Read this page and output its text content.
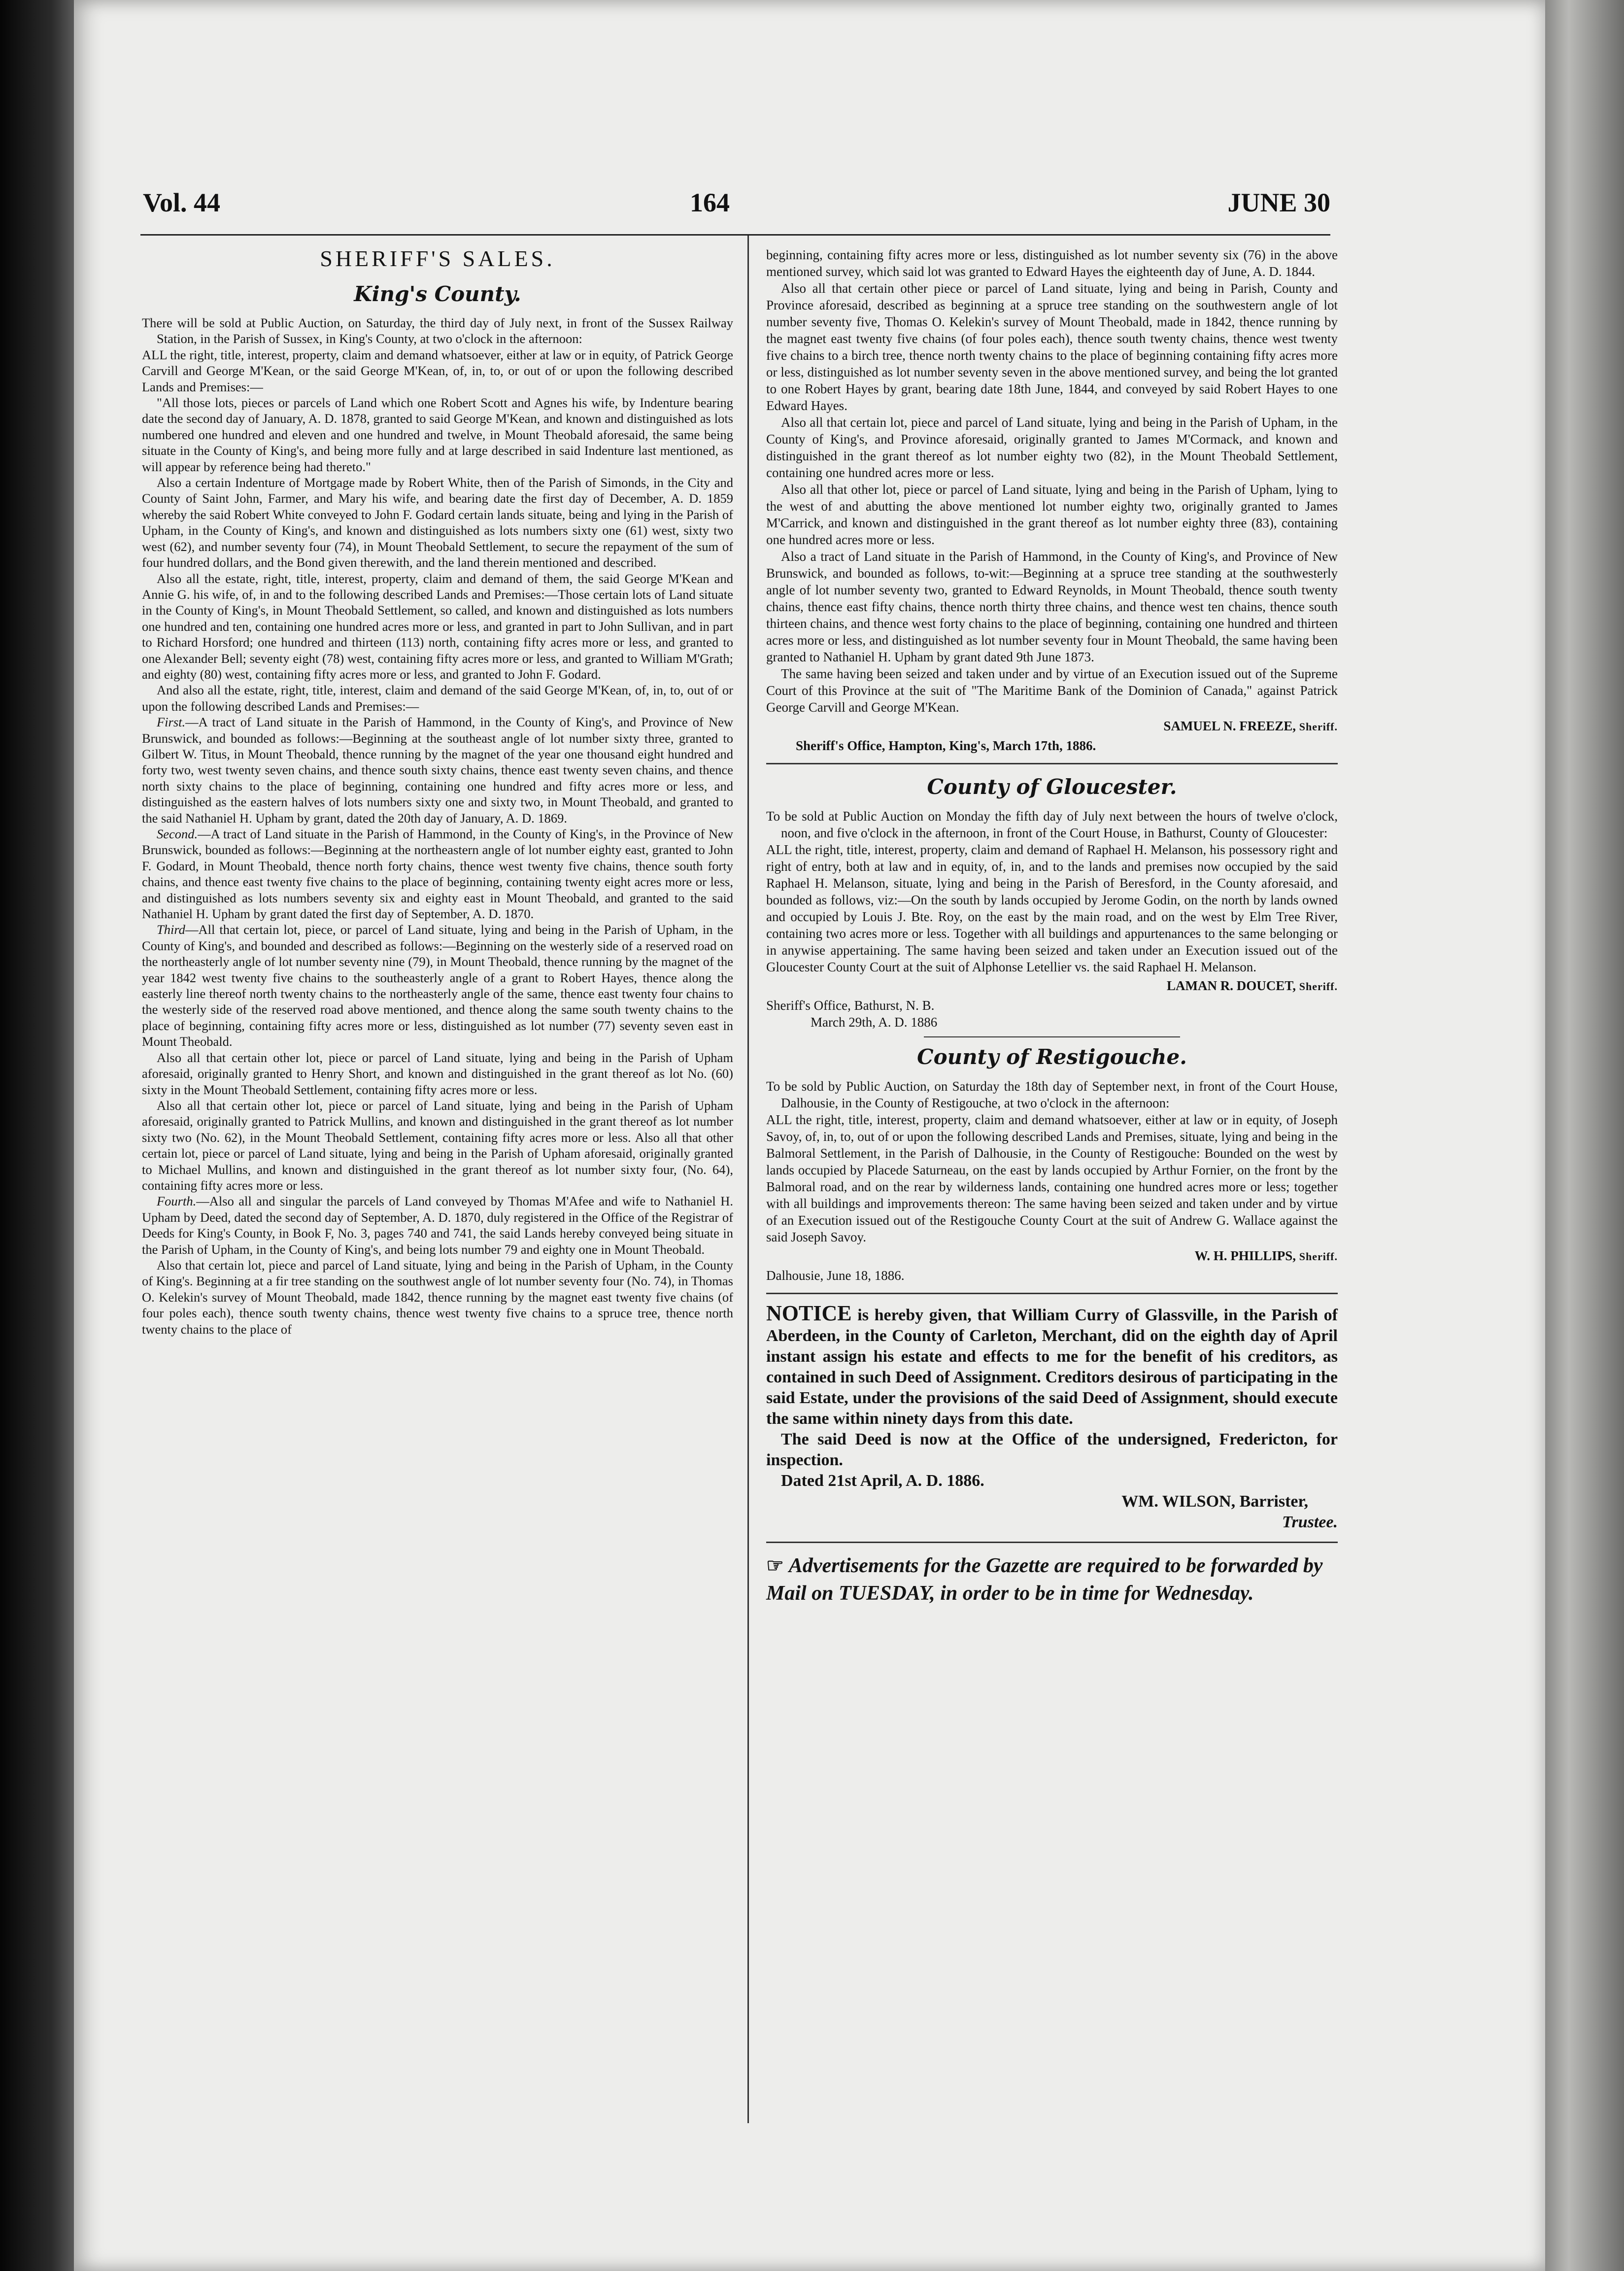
Vol. 44	164	JUNE 30
SHERIFF'S SALES.
King's County.

There will be sold at Public Auction, on Saturday, the third day of July next, in front of the Sussex Railway Station, in the Parish of Sussex, in King's County, at two o'clock in the afternoon:

ALL the right, title, interest, property, claim and demand whatsoever, either at law or in equity, of Patrick George Carvill and George M'Kean, or the said George M'Kean, of, in, to, or out of or upon the following described Lands and Premises:—

"All those lots, pieces or parcels of Land which one Robert Scott and Agnes his wife, by Indenture bearing date the second day of January, A. D. 1878, granted to said George M'Kean, and known and distinguished as lots numbered one hundred and eleven and one hundred and twelve, in Mount Theobald aforesaid, the same being situate in the County of King's, and being more fully and at large described in said Indenture last mentioned, as will appear by reference being had thereto."

Also a certain Indenture of Mortgage made by Robert White, then of the Parish of Simonds, in the City and County of Saint John, Farmer, and Mary his wife, and bearing date the first day of December, A. D. 1859 whereby the said Robert White conveyed to John F. Godard certain lands situate, being and lying in the Parish of Upham, in the County of King's, and known and distinguished as lots numbers sixty one (61) west, sixty two west (62), and number seventy four (74), in Mount Theobald Settlement, to secure the repayment of the sum of four hundred dollars, and the Bond given therewith, and the land therein mentioned and described.

Also all the estate, right, title, interest, property, claim and demand of them, the said George M'Kean and Annie G. his wife, of, in and to the following described Lands and Premises:—Those certain lots of Land situate in the County of King's, in Mount Theobald Settlement, so called, and known and distinguished as lots numbers one hundred and ten, containing one hundred acres more or less, and granted in part to John Sullivan, and in part to Richard Horsford; one hundred and thirteen (113) north, containing fifty acres more or less, and granted to one Alexander Bell; seventy eight (78) west, containing fifty acres more or less, and granted to William M'Grath; and eighty (80) west, containing fifty acres more or less, and granted to John F. Godard.

And also all the estate, right, title, interest, claim and demand of the said George M'Kean, of, in, to, out of or upon the following described Lands and Premises:—

First.—A tract of Land situate in the Parish of Hammond, in the County of King's, and Province of New Brunswick, and bounded as follows:—Beginning at the southeast angle of lot number sixty three, granted to Gilbert W. Titus, in Mount Theobald, thence running by the magnet of the year one thousand eight hundred and forty two, west twenty seven chains, and thence south sixty chains, thence east twenty seven chains, and thence north sixty chains to the place of beginning, containing one hundred and fifty acres more or less, and distinguished as the eastern halves of lots numbers sixty one and sixty two, in Mount Theobald, and granted to the said Nathaniel H. Upham by grant, dated the 20th day of January, A. D. 1869.

Second.—A tract of Land situate in the Parish of Hammond, in the County of King's, in the Province of New Brunswick, bounded as follows:—Beginning at the northeastern angle of lot number eighty east, granted to John F. Godard, in Mount Theobald, thence north forty chains, thence west twenty five chains, thence south forty chains, and thence east twenty five chains to the place of beginning, containing twenty eight acres more or less, and distinguished as lots numbers seventy six and eighty east in Mount Theobald, and granted to the said Nathaniel H. Upham by grant dated the first day of September, A. D. 1870.

Third—All that certain lot, piece, or parcel of Land situate, lying and being in the Parish of Upham, in the County of King's, and bounded and described as follows:—Beginning on the westerly side of a reserved road on the northeasterly angle of lot number seventy nine (79), in Mount Theobald, thence running by the magnet of the year 1842 west twenty five chains to the southeasterly angle of a grant to Robert Hayes, thence along the easterly line thereof north twenty chains to the northeasterly angle of the same, thence east twenty four chains to the westerly side of the reserved road above mentioned, and thence along the same south twenty chains to the place of beginning, containing fifty acres more or less, distinguished as lot number (77) seventy seven east in Mount Theobald.

Also all that certain other lot, piece or parcel of Land situate, lying and being in the Parish of Upham aforesaid, originally granted to Henry Short, and known and distinguished in the grant thereof as lot No. (60) sixty in the Mount Theobald Settlement, containing fifty acres more or less.

Also all that certain other lot, piece or parcel of Land situate, lying and being in the Parish of Upham aforesaid, originally granted to Patrick Mullins, and known and distinguished in the grant thereof as lot number sixty two (No. 62), in the Mount Theobald Settlement, containing fifty acres more or less. Also all that other certain lot, piece or parcel of Land situate, lying and being in the Parish of Upham aforesaid, originally granted to Michael Mullins, and known and distinguished in the grant thereof as lot number sixty four, (No. 64), containing fifty acres more or less.

Fourth.—Also all and singular the parcels of Land conveyed by Thomas M'Afee and wife to Nathaniel H. Upham by Deed, dated the second day of September, A. D. 1870, duly registered in the Office of the Registrar of Deeds for King's County, in Book F, No. 3, pages 740 and 741, the said Lands hereby conveyed being situate in the Parish of Upham, in the County of King's, and being lots number 79 and eighty one in Mount Theobald.

Also that certain lot, piece and parcel of Land situate, lying and being in the Parish of Upham, in the County of King's. Beginning at a fir tree standing on the southwest angle of lot number seventy four (No. 74), in Thomas O. Kelekin's survey of Mount Theobald, made 1842, thence running by the magnet east twenty five chains (of four poles each), thence south twenty chains, thence west twenty five chains to a spruce tree, thence north twenty chains to the place of

beginning, containing fifty acres more or less, distinguished as lot number seventy six (76) in the above mentioned survey, which said lot was granted to Edward Hayes the eighteenth day of June, A. D. 1844.

Also all that certain other piece or parcel of Land situate, lying and being in Parish, County and Province aforesaid, described as beginning at a spruce tree standing on the southwestern angle of lot number seventy five, Thomas O. Kelekin's survey of Mount Theobald, made in 1842, thence running by the magnet east twenty five chains (of four poles each), thence south twenty chains, thence west twenty five chains to a birch tree, thence north twenty chains to the place of beginning containing fifty acres more or less, distinguished as lot number seventy seven in the above mentioned survey, and being the lot granted to one Robert Hayes by grant, bearing date 18th June, 1844, and conveyed by said Robert Hayes to one Edward Hayes.

Also all that certain lot, piece and parcel of Land situate, lying and being in the Parish of Upham, in the County of King's, and Province aforesaid, originally granted to James M'Cormack, and known and distinguished in the grant thereof as lot number eighty two (82), in the Mount Theobald Settlement, containing one hundred acres more or less.

Also all that other lot, piece or parcel of Land situate, lying and being in the Parish of Upham, lying to the west of and abutting the above mentioned lot number eighty two, originally granted to James M'Carrick, and known and distinguished in the grant thereof as lot number eighty three (83), containing one hundred acres more or less.

Also a tract of Land situate in the Parish of Hammond, in the County of King's, and Province of New Brunswick, and bounded as follows, to-wit:—Beginning at a spruce tree standing at the southwesterly angle of lot number seventy two, granted to Edward Reynolds, in Mount Theobald, thence south twenty chains, thence east fifty chains, thence north thirty three chains, and thence west ten chains, thence south thirteen chains, and thence west forty chains to the place of beginning, containing one hundred and thirteen acres more or less, and distinguished as lot number seventy four in Mount Theobald, the same having been granted to Nathaniel H. Upham by grant dated 9th June 1873.

The same having been seized and taken under and by virtue of an Execution issued out of the Supreme Court of this Province at the suit of "The Maritime Bank of the Dominion of Canada," against Patrick George Carvill and George M'Kean.

SAMUEL N. FREEZE, Sheriff.

Sheriff's Office, Hampton, King's, March 17th, 1886.

County of Gloucester.

To be sold at Public Auction on Monday the fifth day of July next between the hours of twelve o'clock, noon, and five o'clock in the afternoon, in front of the Court House, in Bathurst, County of Gloucester:

ALL the right, title, interest, property, claim and demand of Raphael H. Melanson, his possessory right and right of entry, both at law and in equity, of, in, and to the lands and premises now occupied by the said Raphael H. Melanson, situate, lying and being in the Parish of Beresford, in the County aforesaid, and bounded as follows, viz:—On the south by lands occupied by Jerome Godin, on the north by lands owned and occupied by Louis J. Bte. Roy, on the east by the main road, and on the west by Elm Tree River, containing two acres more or less. Together with all buildings and appurtenances to the same belonging or in anywise appertaining. The same having been seized and taken under an Execution issued out of the Gloucester County Court at the suit of Alphonse Letellier vs. the said Raphael H. Melanson.

LAMAN R. DOUCET, Sheriff.

Sheriff's Office, Bathurst, N. B.

March 29th, A. D. 1886

County of Restigouche.

To be sold by Public Auction, on Saturday the 18th day of September next, in front of the Court House, Dalhousie, in the County of Restigouche, at two o'clock in the afternoon:

ALL the right, title, interest, property, claim and demand whatsoever, either at law or in equity, of Joseph Savoy, of, in, to, out of or upon the following described Lands and Premises, situate, lying and being in the Balmoral Settlement, in the Parish of Dalhousie, in the County of Restigouche: Bounded on the west by lands occupied by Placede Saturneau, on the east by lands occupied by Arthur Fornier, on the front by the Balmoral road, and on the rear by wilderness lands, containing one hundred acres more or less; together with all buildings and improvements thereon: The same having been seized and taken under and by virtue of an Execution issued out of the Restigouche County Court at the suit of Andrew G. Wallace against the said Joseph Savoy.

W. H. PHILLIPS, Sheriff.

Dalhousie, June 18, 1886.

NOTICE is hereby given, that William Curry of Glassville, in the Parish of Aberdeen, in the County of Carleton, Merchant, did on the eighth day of April instant assign his estate and effects to me for the benefit of his creditors, as contained in such Deed of Assignment. Creditors desirous of participating in the said Estate, under the provisions of the said Deed of Assignment, should execute the same within ninety days from this date.

The said Deed is now at the Office of the undersigned, Fredericton, for inspection.

Dated 21st April, A. D. 1886.

WM. WILSON, Barrister,

Trustee.

☞ Advertisements for the Gazette are required to be forwarded by Mail on TUESDAY, in order to be in time for Wednesday.
